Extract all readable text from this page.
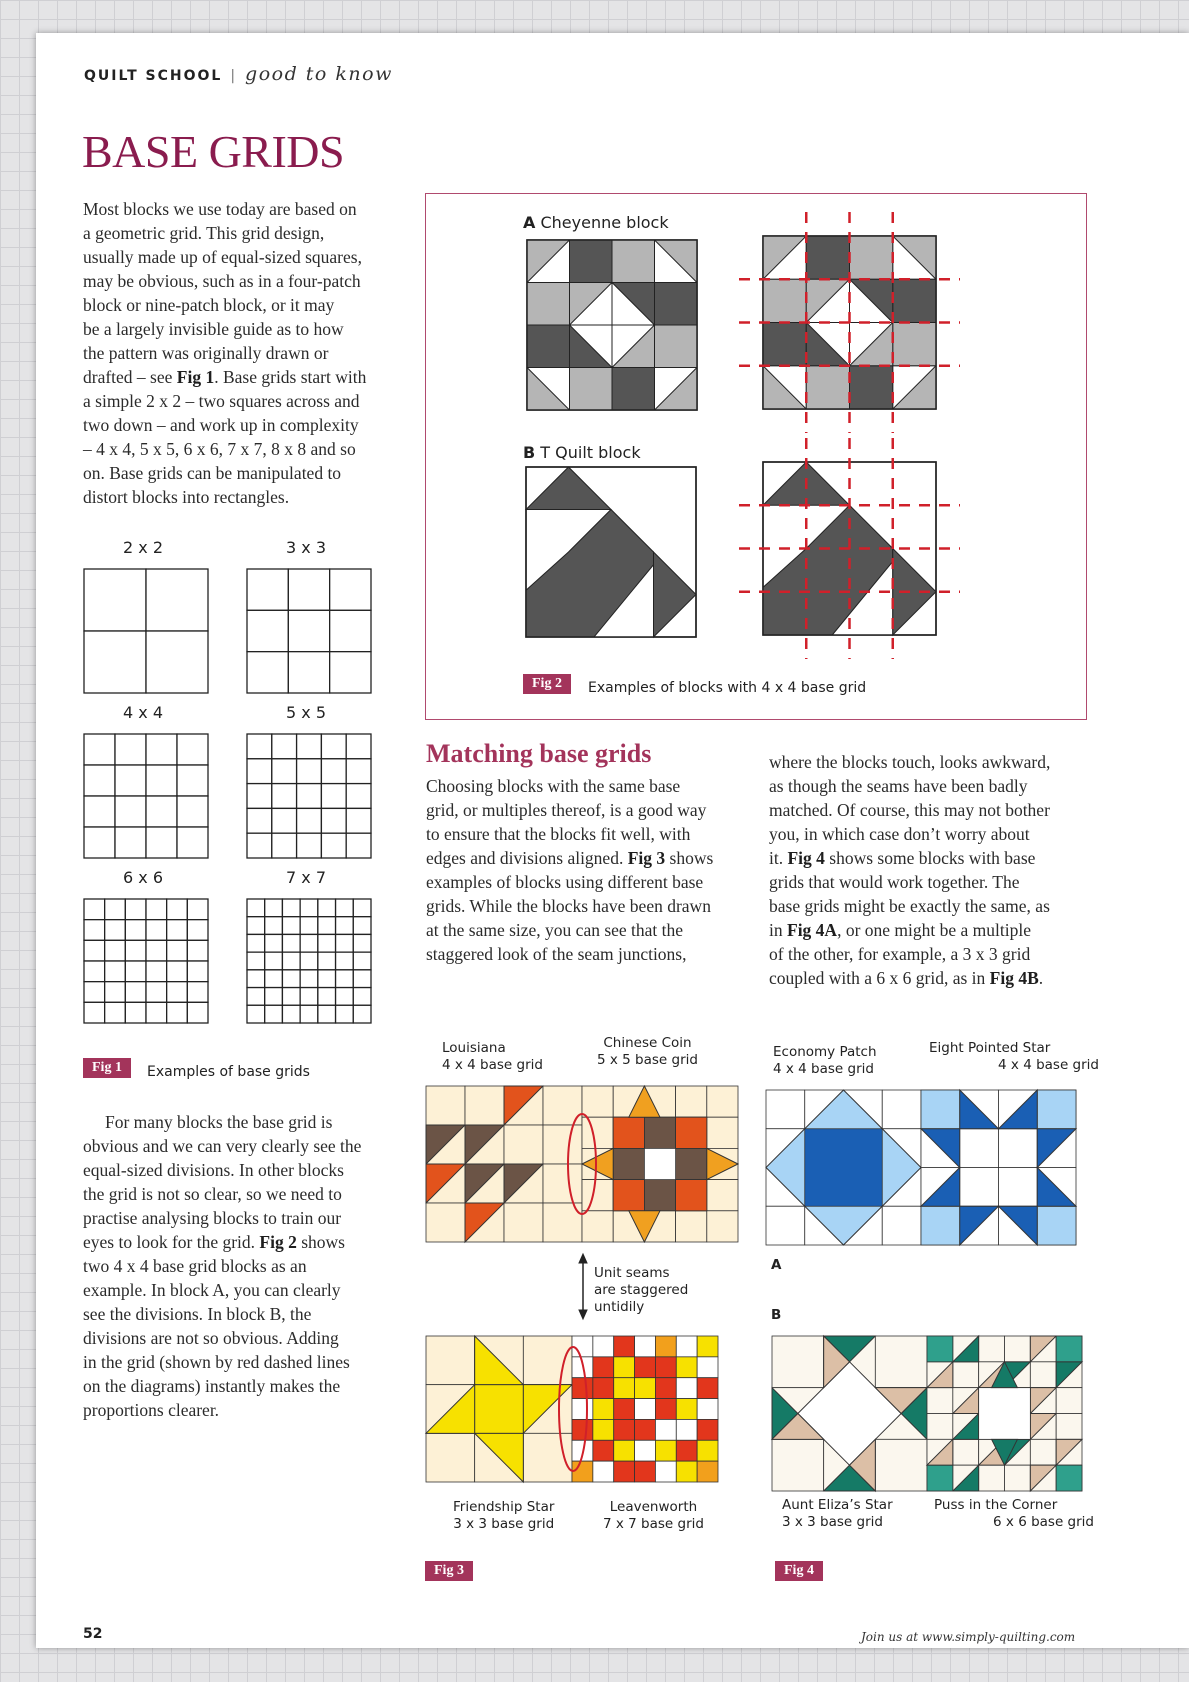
QUILT SCHOOL | good to know
BASE GRIDS
Most blocks we use today are based on
a geometric grid. This grid design,
usually made up of equal-sized squares,
may be obvious, such as in a four-patch
block or nine-patch block, or it may
be a largely invisible guide as to how
the pattern was originally drawn or
drafted – see Fig 1. Base grids start with
a simple 2 x 2 – two squares across and
two down – and work up in complexity
– 4 x 4, 5 x 5, 6 x 6, 7 x 7, 8 x 8 and so
on. Base grids can be manipulated to
distort blocks into rectangles.
2 x 2	3 x 3
4 x 4	5 x 5
6 x 6	7 x 7
Fig 1	Examples of base grids
For many blocks the base grid is
obvious and we can very clearly see the
equal-sized divisions. In other blocks
the grid is not so clear, so we need to
practise analysing blocks to train our
eyes to look for the grid. Fig 2 shows
two 4 x 4 base grid blocks as an
example. In block A, you can clearly
see the divisions. In block B, the
divisions are not so obvious. Adding
in the grid (shown by red dashed lines
on the diagrams) instantly makes the
proportions clearer.
A Cheyenne block
B T Quilt block
Fig 2	Examples of blocks with 4 x 4 base grid
Matching base grids
Choosing blocks with the same base
grid, or multiples thereof, is a good way
to ensure that the blocks fit well, with
edges and divisions aligned. Fig 3 shows
examples of blocks using different base
grids. While the blocks have been drawn
at the same size, you can see that the
staggered look of the seam junctions,
where the blocks touch, looks awkward,
as though the seams have been badly
matched. Of course, this may not bother
you, in which case don’t worry about
it. Fig 4 shows some blocks with base
grids that would work together. The
base grids might be exactly the same, as
in Fig 4A, or one might be a multiple
of the other, for example, a 3 x 3 grid
coupled with a 6 x 6 grid, as in Fig 4B.
Louisiana
4 x 4 base grid
Chinese Coin
5 x 5 base grid
Unit seams
are staggered
untidily
Friendship Star
3 x 3 base grid
Leavenworth
7 x 7 base grid
Fig 3
Economy Patch
4 x 4 base grid
Eight Pointed Star
4 x 4 base grid
A
B
Aunt Eliza’s Star
3 x 3 base grid
Puss in the Corner
6 x 6 base grid
Fig 4
52	Join us at www.simply-quilting.com
